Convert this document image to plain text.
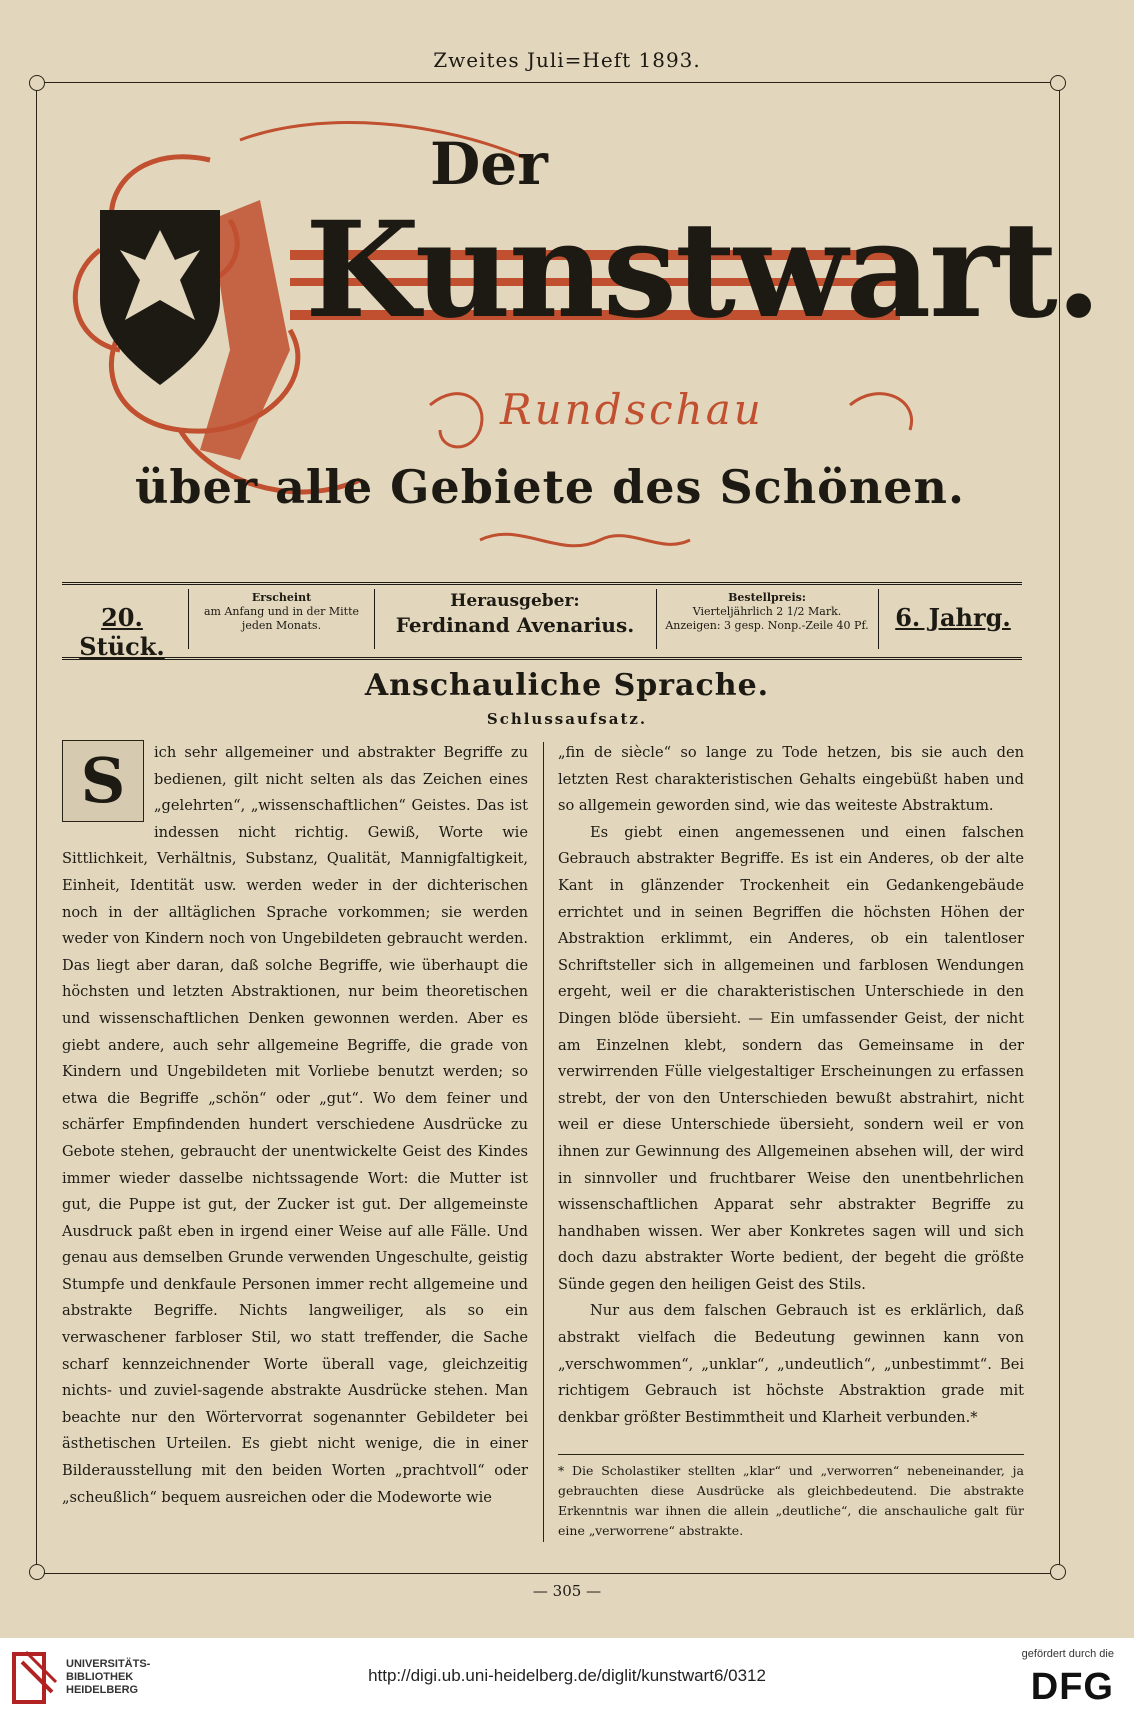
Zweites Juli=Heft 1893.
Der
Kunstwart.
Rundschau
über alle Gebiete des Schönen.
20. Stück.
Erscheint
am Anfang und in der Mitte jeden Monats.
Herausgeber:
Ferdinand Avenarius.
Bestellpreis:
Vierteljährlich 2 1/2 Mark.
Anzeigen: 3 gesp. Nonp.-Zeile 40 Pf.	6. Jahrg.
Anschauliche Sprache.
Schlussaufsatz.
S	ich sehr allgemeiner und abstrakter Begriffe zu bedienen, gilt nicht selten als das Zeichen eines „gelehrten“, „wissenschaftlichen“ Geistes. Das ist indessen nicht richtig. Gewiß, Worte wie Sittlichkeit, Verhältnis, Substanz, Qualität, Mannigfaltigkeit, Einheit, Identität usw. werden weder in der dichterischen noch in der alltäglichen Sprache vorkommen; sie werden weder von Kindern noch von Ungebildeten gebraucht werden. Das liegt aber daran, daß solche Begriffe, wie überhaupt die höchsten und letzten Abstraktionen, nur beim theoretischen und wissenschaftlichen Denken gewonnen werden. Aber es giebt andere, auch sehr allgemeine Begriffe, die grade von Kindern und Ungebildeten mit Vorliebe benutzt werden; so etwa die Begriffe „schön“ oder „gut“. Wo dem feiner und schärfer Empfindenden hundert verschiedene Ausdrücke zu Gebote stehen, gebraucht der unentwickelte Geist des Kindes immer wieder dasselbe nichtssagende Wort: die Mutter ist gut, die Puppe ist gut, der Zucker ist gut. Der allgemeinste Ausdruck paßt eben in irgend einer Weise auf alle Fälle. Und genau aus demselben Grunde verwenden Ungeschulte, geistig Stumpfe und denkfaule Personen immer recht allgemeine und abstrakte Begriffe. Nichts langweiliger, als so ein verwaschener farbloser Stil, wo statt treffender, die Sache scharf kennzeichnender Worte überall vage, gleichzeitig nichts- und zuviel-sagende abstrakte Ausdrücke stehen. Man beachte nur den Wörtervorrat sogenannter Gebildeter bei ästhetischen Urteilen. Es giebt nicht wenige, die in einer Bilderausstellung mit den beiden Worten „prachtvoll“ oder „scheußlich“ bequem ausreichen oder die Modeworte wie

„fin de siècle“ so lange zu Tode hetzen, bis sie auch den letzten Rest charakteristischen Gehalts eingebüßt haben und so allgemein geworden sind, wie das weiteste Abstraktum.

Es giebt einen angemessenen und einen falschen Gebrauch abstrakter Begriffe. Es ist ein Anderes, ob der alte Kant in glänzender Trockenheit ein Gedankengebäude errichtet und in seinen Begriffen die höchsten Höhen der Abstraktion erklimmt, ein Anderes, ob ein talentloser Schriftsteller sich in allgemeinen und farblosen Wendungen ergeht, weil er die charakteristischen Unterschiede in den Dingen blöde übersieht. — Ein umfassender Geist, der nicht am Einzelnen klebt, sondern das Gemeinsame in der verwirrenden Fülle vielgestaltiger Erscheinungen zu erfassen strebt, der von den Unterschieden bewußt abstrahirt, nicht weil er diese Unterschiede übersieht, sondern weil er von ihnen zur Gewinnung des Allgemeinen absehen will, der wird in sinnvoller und fruchtbarer Weise den unentbehrlichen wissenschaftlichen Apparat sehr abstrakter Begriffe zu handhaben wissen. Wer aber Konkretes sagen will und sich doch dazu abstrakter Worte bedient, der begeht die größte Sünde gegen den heiligen Geist des Stils.

Nur aus dem falschen Gebrauch ist es erklärlich, daß abstrakt vielfach die Bedeutung gewinnen kann von „verschwommen“, „unklar“, „undeutlich“, „unbestimmt“. Bei richtigem Gebrauch ist höchste Abstraktion grade mit denkbar größter Bestimmtheit und Klarheit verbunden.*

* Die Scholastiker stellten „klar“ und „verworren“ nebeneinander, ja gebrauchten diese Ausdrücke als gleichbedeutend. Die abstrakte Erkenntnis war ihnen die allein „deutliche“, die anschauliche galt für eine „verworrene“ abstrakte.
— 305 —
UNIVERSITÄTS-
BIBLIOTHEK
HEIDELBERG
http://digi.ub.uni-heidelberg.de/diglit/kunstwart6/0312
gefördert durch die
DFG
